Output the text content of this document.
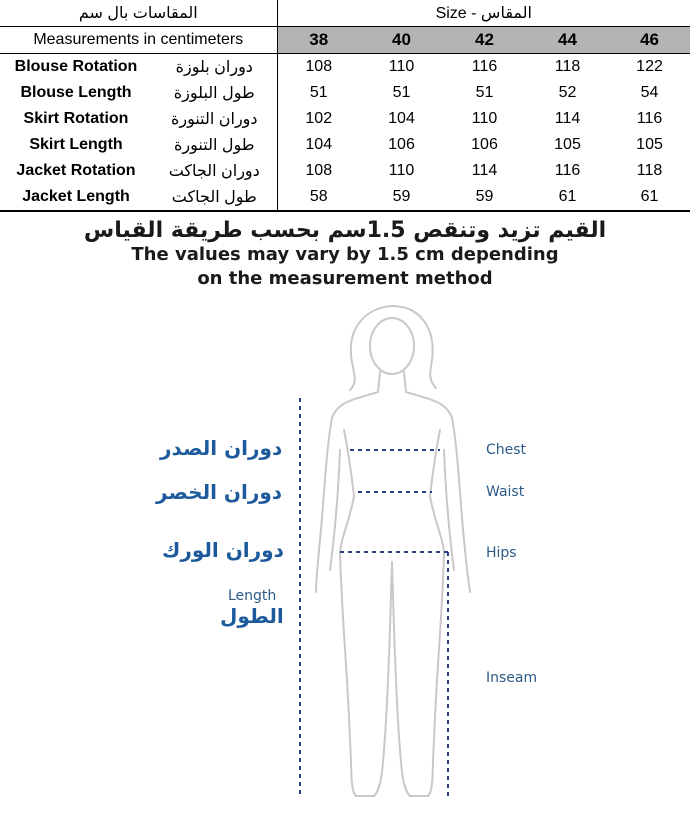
المقاسات بال سم		Size - المقاس				
Measurements in centimeters		38	40	42	44	46
Blouse Rotation	دوران بلوزة	108	110	116	118	122
Blouse Length	طول البلوزة	51	51	51	52	54
Skirt Rotation	دوران التنورة	102	104	110	114	116
Skirt Length	طول التنورة	104	106	106	105	105
Jacket Rotation	دوران الجاكت	108	110	114	116	118
Jacket Length	طول الجاكت	58	59	59	61	61
القيم تزيد وتنقص 1.5سم بحسب طريقة القياس
The values may vary by 1.5 cm depending
on the measurement method
دوران الصدر
دوران الخصر
دوران الورك
Length
الطول
Chest
Waist
Hips
Inseam
